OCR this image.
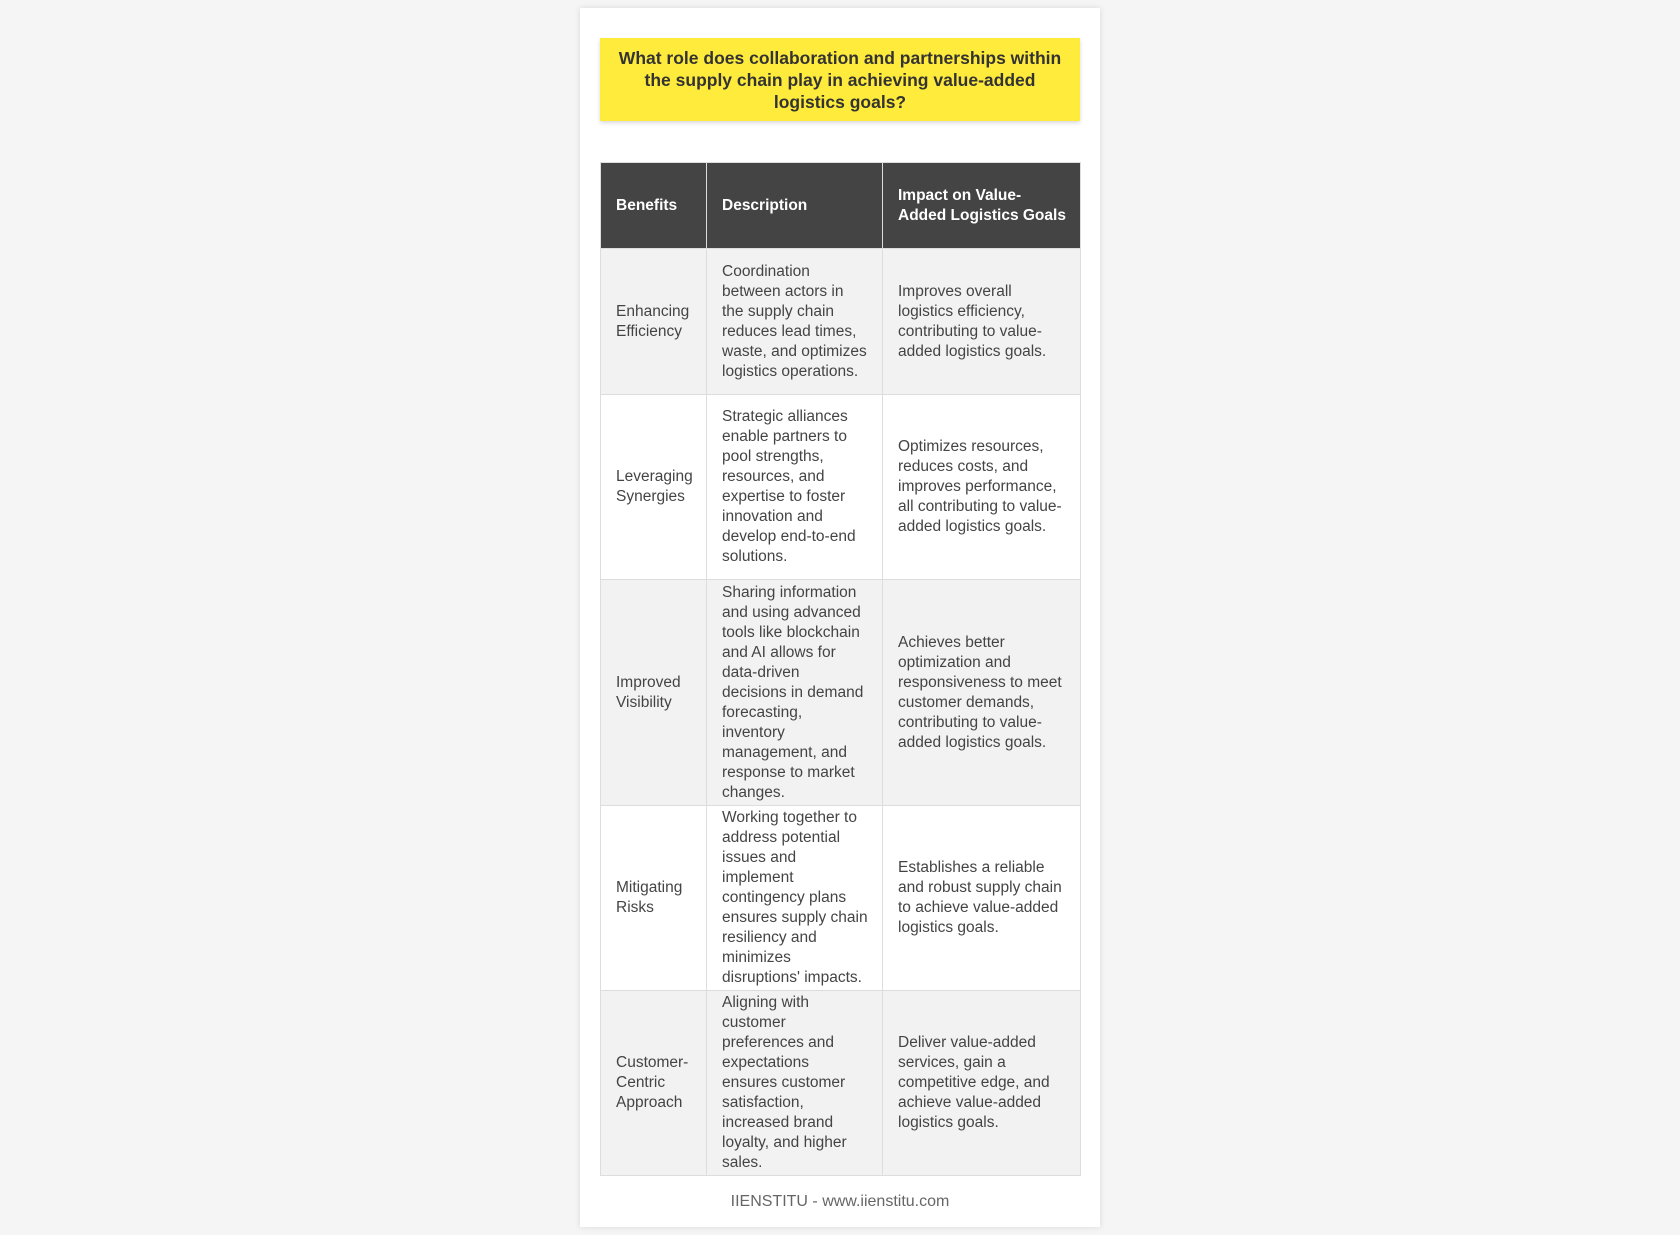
What role does collaboration and partnerships within the supply chain play in achieving value-added logistics goals?
Benefits	Description	Impact on Value-Added Logistics Goals
Enhancing Efficiency	Coordination between actors in the supply chain reduces lead times, waste, and optimizes logistics operations.	Improves overall logistics efficiency, contributing to value-added logistics goals.
Leveraging Synergies	Strategic alliances enable partners to pool strengths, resources, and expertise to foster innovation and develop end-to-end solutions.	Optimizes resources, reduces costs, and improves performance, all contributing to value-added logistics goals.
Improved Visibility	Sharing information and using advanced tools like blockchain and AI allows for data-driven decisions in demand forecasting, inventory management, and response to market changes.	Achieves better optimization and responsiveness to meet customer demands, contributing to value-added logistics goals.
Mitigating Risks	Working together to address potential issues and implement contingency plans ensures supply chain resiliency and minimizes disruptions' impacts.	Establishes a reliable and robust supply chain to achieve value-added logistics goals.
Customer-Centric Approach	Aligning with customer preferences and expectations ensures customer satisfaction, increased brand loyalty, and higher sales.	Deliver value-added services, gain a competitive edge, and achieve value-added logistics goals.
IIENSTITU - www.iienstitu.com
